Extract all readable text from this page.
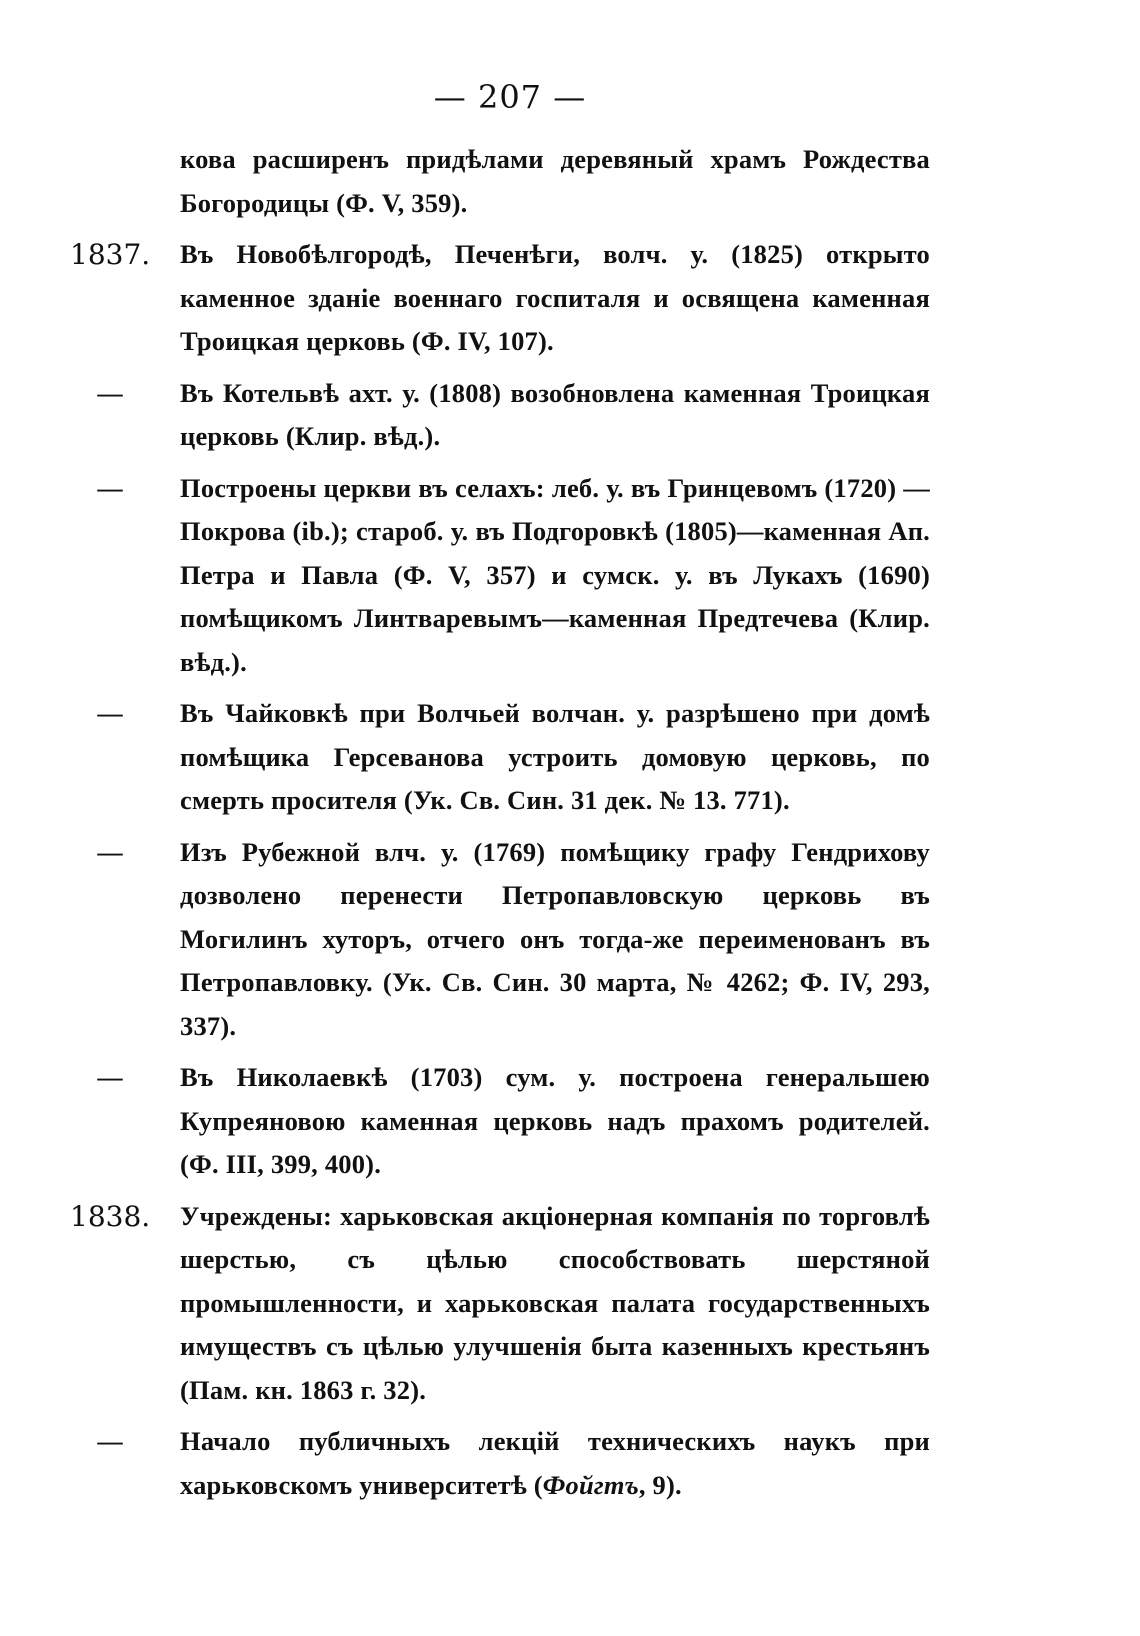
— 207 —
кова расширенъ придѣлами деревяный храмъ Рождества Богородицы (Ф. V, 359).
1837.	Въ Новобѣлгородѣ, Печенѣги, волч. у. (1825) открыто каменное зданіе военнаго госпиталя и освящена каменная Троицкая церковь (Ф. IV, 107).
—	Въ Котельвѣ ахт. у. (1808) возобновлена каменная Троицкая церковь (Клир. вѣд.).
—	Построены церкви въ селахъ: леб. у. въ Гринцевомъ (1720) —Покрова (ib.); староб. у. въ Подгоровкѣ (1805)—каменная Ап. Петра и Павла (Ф. V, 357) и сумск. у. въ Лукахъ (1690) помѣщикомъ Линтваревымъ—каменная Предтечева (Клир. вѣд.).
—	Въ Чайковкѣ при Волчьей волчан. у. разрѣшено при домѣ помѣщика Герсеванова устроить домовую церковь, по смерть просителя (Ук. Св. Син. 31 дек. № 13. 771).
—	Изъ Рубежной влч. у. (1769) помѣщику графу Гендрихову дозволено перенести Петропавловскую церковь въ Могилинъ хуторъ, отчего онъ тогда-же переименованъ въ Петропавловку. (Ук. Св. Син. 30 марта, № 4262; Ф. IV, 293, 337).
—	Въ Николаевкѣ (1703) сум. у. построена генеральшею Купреяновою каменная церковь надъ прахомъ родителей. (Ф. III, 399, 400).
1838.	Учреждены: харьковская акціонерная компанія по торговлѣ шерстью, съ цѣлью способствовать шерстяной промышленности, и харьковская палата государственныхъ имуществъ съ цѣлью улучшенія быта казенныхъ крестьянъ (Пам. кн. 1863 г. 32).
—	Начало публичныхъ лекцій техническихъ наукъ при харьковскомъ университетѣ (Фойгтъ, 9).
